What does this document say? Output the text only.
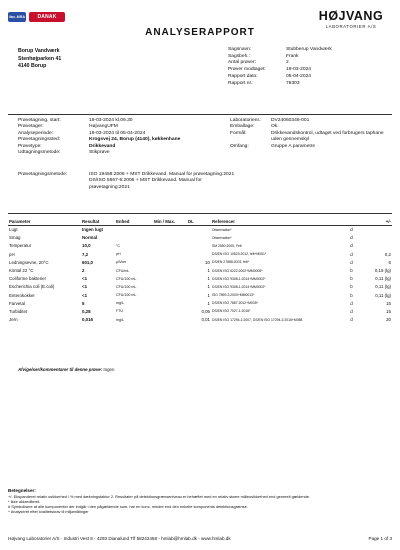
ilac-MRA	DANAK	HØJVANG
LABORATORIER A/S
ANALYSERAPPORT
Borup Vandværk
Stenhøjparken 41
4140 Borup
Sagsnavn:	Stubberup Vandværk
Sagsbeh.:	Frank
Antal prøver:	2
Prøver modtaget:	19-03-2024
Rapport dato:	05-04-2024
Rapport nr.:	78303
Prøvetagning, start:	19-03-2024 kl.09.30
Prøvetager:	HøjvangUFM
Analyseperiode:	19-03-2024 til 05-04-2024
Prøvetagningssted:	Krogsvej 24, Borup (4140), køkkenhane
Prøvetype:	Drikkevand
Udtagningsmetode:	Stikprøve
Laboratorienr.:	DV24060346-001
Emballage:	Ok.
Formål:	Drikkevandskontrol, udtaget ved forbrugers taphane uden gennemskyl
Omfang:	Gruppe A parametre
Prøvetagningsmetode:	ISO 19458:2006 + MST Drikkevand. Manual for prøvetagning:2021 DS/ISO 5667-5:2006 + MST Drikkevand. Manual for prøvetagning:2021
Parameter	Resultat	Enhed	Min / Max.	DL	Referencer		+/-
Lugt	Ingen lugt				Observation*	d	
Smag	Normal				Observation*	d	
Temperatur	10,0	°C			SM 2550:2005, Felt	d	
pH	7,2	pH			DS/EN ISO 10523:2012, felt+M051*	d	0,2
Ledningsevne, 20°C	601,0	µS/cm		10	DS/EN 27888:2003, felt*	d	6
Kimtal 22 °C	2	CFU/mL		1	DS/EN ISO 6222:2002+MM0005*	b	0,15 (lg)
Coliforme bakterier	<1	CFU/100 mL		1	DS/EN ISO 9308-1:2014+MM0002*	b	0,11 (lg)
Escherichia coli (E.coli)	<1	CFU/100 mL		1	DS/EN ISO 9308-1:2014+MM0002*	b	0,11 (lg)
Enterokokker	<1	CFU/100 mL		1	ISO 7899-2:2000+MM0013*	b	0,11 (lg)
Farvetal	5	mg/L		1	DS/EN ISO 7887:2012+M035*	d	15
Turbiditet	0,28	FTU		0,05	DS/EN ISO 7027-1:2016*	d	15
Jern	0,016	mg/L		0,01	DS/EN ISO 17294-1:2007, DS/EN ISO 17294-2:2016+M088	d	20
Afvigelser/kommentarer til denne prøve: Ingen
Betegnelser:
+/- Ekspanderet relativ usikkerhed i % med dækningsfaktor 2. Resultater på detektionsgrænseniveau er behæftet med en relativ større måleusikkerhed end generelt gældende.
* Ikke akkrediteret.
# Symbolisere at alle komponenter der indgår i den pågældende sum, har en konc. mindre end den enkelte komponents detektionsgrænse.
^ Analyseret efter kvalitetskrav til miljømålinger
Højvang Laboratorier A/S · Industri Vest 8 - 4293 Dianalund Tlf 58242458 - hmlab@hmlab.dk - www.hmlab.dk	Page 1 of 3
